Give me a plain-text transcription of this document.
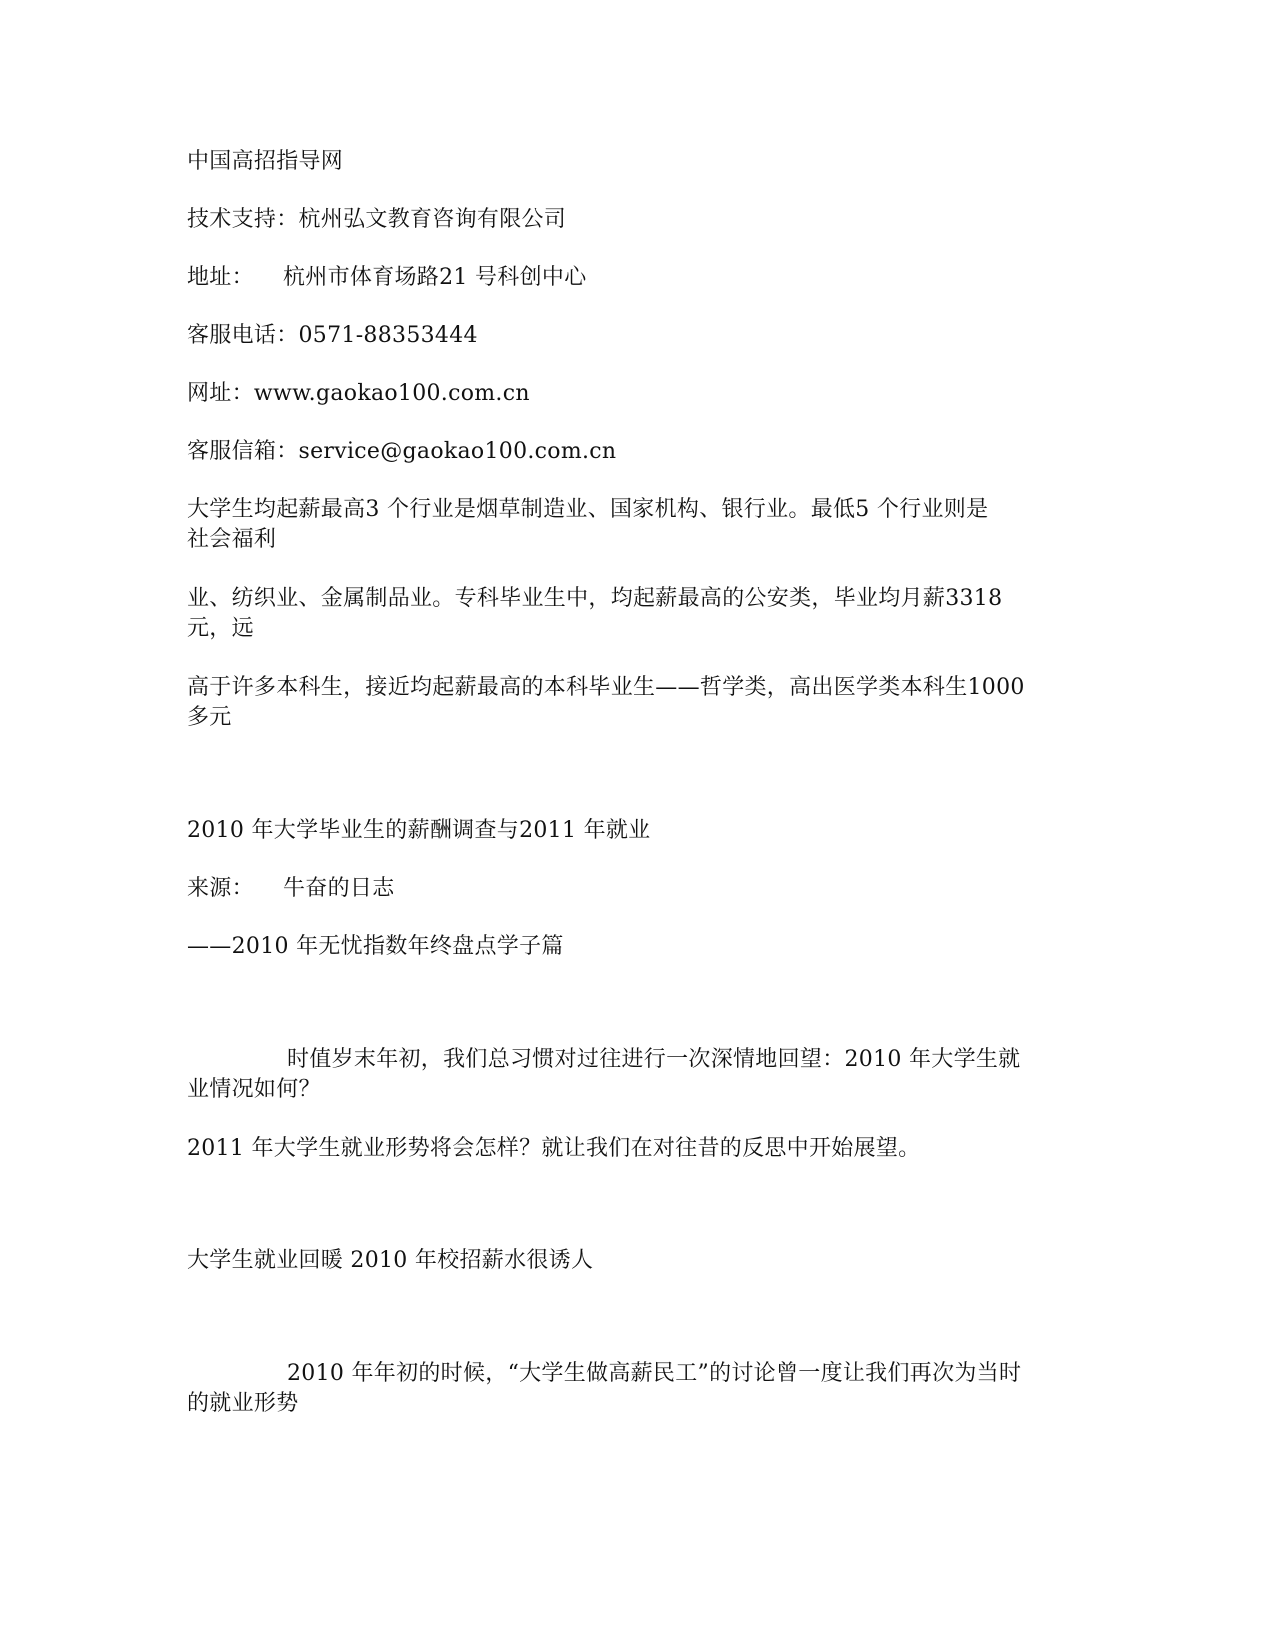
中国高招指导网
技术支持：杭州弘文教育咨询有限公司
地址： 杭州市体育场路21 号科创中心
客服电话：0571-88353444
网址：www.gaokao100.com.cn
客服信箱：service@gaokao100.com.cn
大学生均起薪最高3 个行业是烟草制造业、国家机构、银行业。最低5 个行业则是
社会福利
业、纺织业、金属制品业。专科毕业生中，均起薪最高的公安类，毕业均月薪3318
元，远
高于许多本科生，接近均起薪最高的本科毕业生——哲学类，高出医学类本科生1000
多元
2010 年大学毕业生的薪酬调查与2011 年就业
来源： 牛奋的日志
——2010 年无忧指数年终盘点学子篇
时值岁末年初，我们总习惯对过往进行一次深情地回望：2010 年大学生就
业情况如何？
2011 年大学生就业形势将会怎样？就让我们在对往昔的反思中开始展望。
大学生就业回暖 2010 年校招薪水很诱人
2010 年年初的时候，“大学生做高薪民工”的讨论曾一度让我们再次为当时
的就业形势
